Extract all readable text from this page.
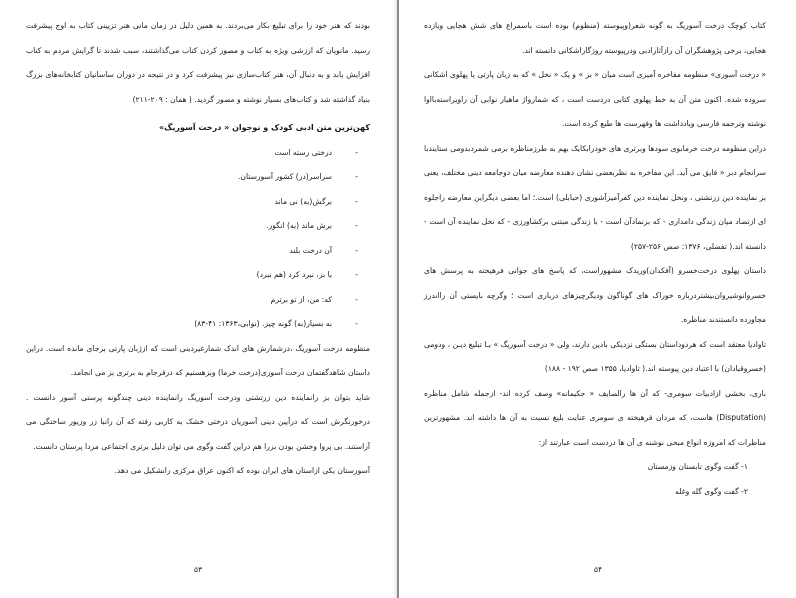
بودند که هنر خود را برای تبلیغ بکار می‌بردند. به همین دلیل در زمان مانی هنر تزیینی کتاب به اوج پیشرفت رسید. مانویان که ارزشی ویژه به کتاب و مصور کردن کتاب می‌گذاشتند، سبب شدند تا گرایش مردم به کتاب افزایش یابد و به دنبال آن، هنر کتاب‌سازی نیز پیشرفت کرد و در نتیجه در دوران ساسانیان کتابخانه‌های بزرگ بنیاد گذاشته شد و کتاب‌های بسیار نوشته و مصور گردید. ( همان : ۲۰۹-۲۱۱)

کهن‌ترین متن ادبی کودک و نوجوان « درخت آسوریگ»

- درختی رسته است
- سراسر(در) کشور آسورستان.
- برگش(به) نی ماند
- برش ماند (به) انگور.
- آن درخت بلند
- با بز، نبرد کرد (هم نبرد)
- که: من، از تو برترم
- به بسیار(به) گونه چیز. (نوابی،۱۳۶۳: ۴۱-۸۳)

منظومه درخت آسوریگ ،درشمارش های اندک شمارغیردینی است که ازژبان پارتی برجای مانده است. دراین داستان شاهدگفتمان درخت آسوری(درخت خرما) وبزهستیم که درفرجام به برتری بز می انجامد.

شاید بتوان بز رانماینده دین زرتشتی ودرخت آسوریگ رانماینده دینی چندگونه پرستی آسور دانست . درخورنگرش است که درآیین دینی آسوریان درختی خشک به کاربی رفته که آن رانبا زر وزیور ساختگی می آراستند. بی پروا وخشن بودن بزرا هم دراین گفت وگوی می توان دلیل برتری اجتماعی مزدا پرستان دانست.

آسورستان یکی ازاستان های ایران بوده که اکنون عراق مرکزی رانشکیل می دهد.

۵۳

کتاب کوچک درخت آسوریگ به گونه شعر(وپیوسته (منظوم) بوده است باسمراع های شش هجایی وبازده هجایی، برخی پژوهشگران آن رازآثارادبی ودرپیوسته روزگاراشکانی دانسته اند.

« درخت آسوری» منظومه مفاخره آمیزی است میان « بز » و یک « نخل » که به زبان پارتی یا پهلوی اشکانی سروده شده. اکنون متن آن به خط پهلوی کتابی دردست است ، که شمارواژ ماهیار نوابی آن راویراسته‌بااوا نوشته وترجمه فارسی ویادداشت ها وفهرست ها طبع کرده است.

دراین منظومه درخت خرمابوی سودها وبرتری های خودرابکایک بهم به طرزمناظره برمی شمردبدومی ستایندبا سرانجام دبر « فایق می آید. این مفاخره به نظربعضی نشان دهنده معارضه میان دوجامعه دینی مختلف، یعنی بز نماینده دین زرتشتی ، ونخل نماینده دین کفرآمیزآشوری (حبابلی) است.؛ اما بعضی دیگراین معارضه راجلوه ای ازتضاد میان زندگی دامداری - که بزنمادآن است - با زندگی مبتنی برکشاورزی - که نخل نماینده آن است - دانسته اند.( تفضلی، ۱۳۷۶: صص ۲۵۶-۲۵۷)

داستان پهلوی درخت‌خسرو (آفکدان‌)وریدک مشهوراست، که پاسخ های جوانی فرهیخته به پرسش های خسروانوشیروان‌بیشتردرباره خوراک های گوناگون ودیگرچیزهای درباری است ؛ وگرچه بایستی آن رااندرز مجاورده دانستندند مناظره.

تاوادیا معتقد است که هردوداستان بستگی نزدیکی بادین دارند، ولی « درخت آسوریگ » بـا تبلیغ دیـن ، ودومی (خسروقبادان) با اعتباد دین پیوسته اند.( تاوادیا، ۱۳۵۵ صص ۱۹۲ - ۱۸۸)

باری، بخشی ازادبیات سومری- که آن ها رالصایف « حکیمانه» وصف کرده اند- ازجمله شامل مناظره (Disputation) هاست، که مردان فرهیخته ی سومری عنایت بلیغ نسبت به آن ها داشته اند. مشهورترین مناظرات که امروزه انواع مبحی نوشته ی آن ها دردست است عبارتند از:

۱- گفت وگوی تابستان وزمستان
۲- گفت وگوی گله وغله
۵۴
